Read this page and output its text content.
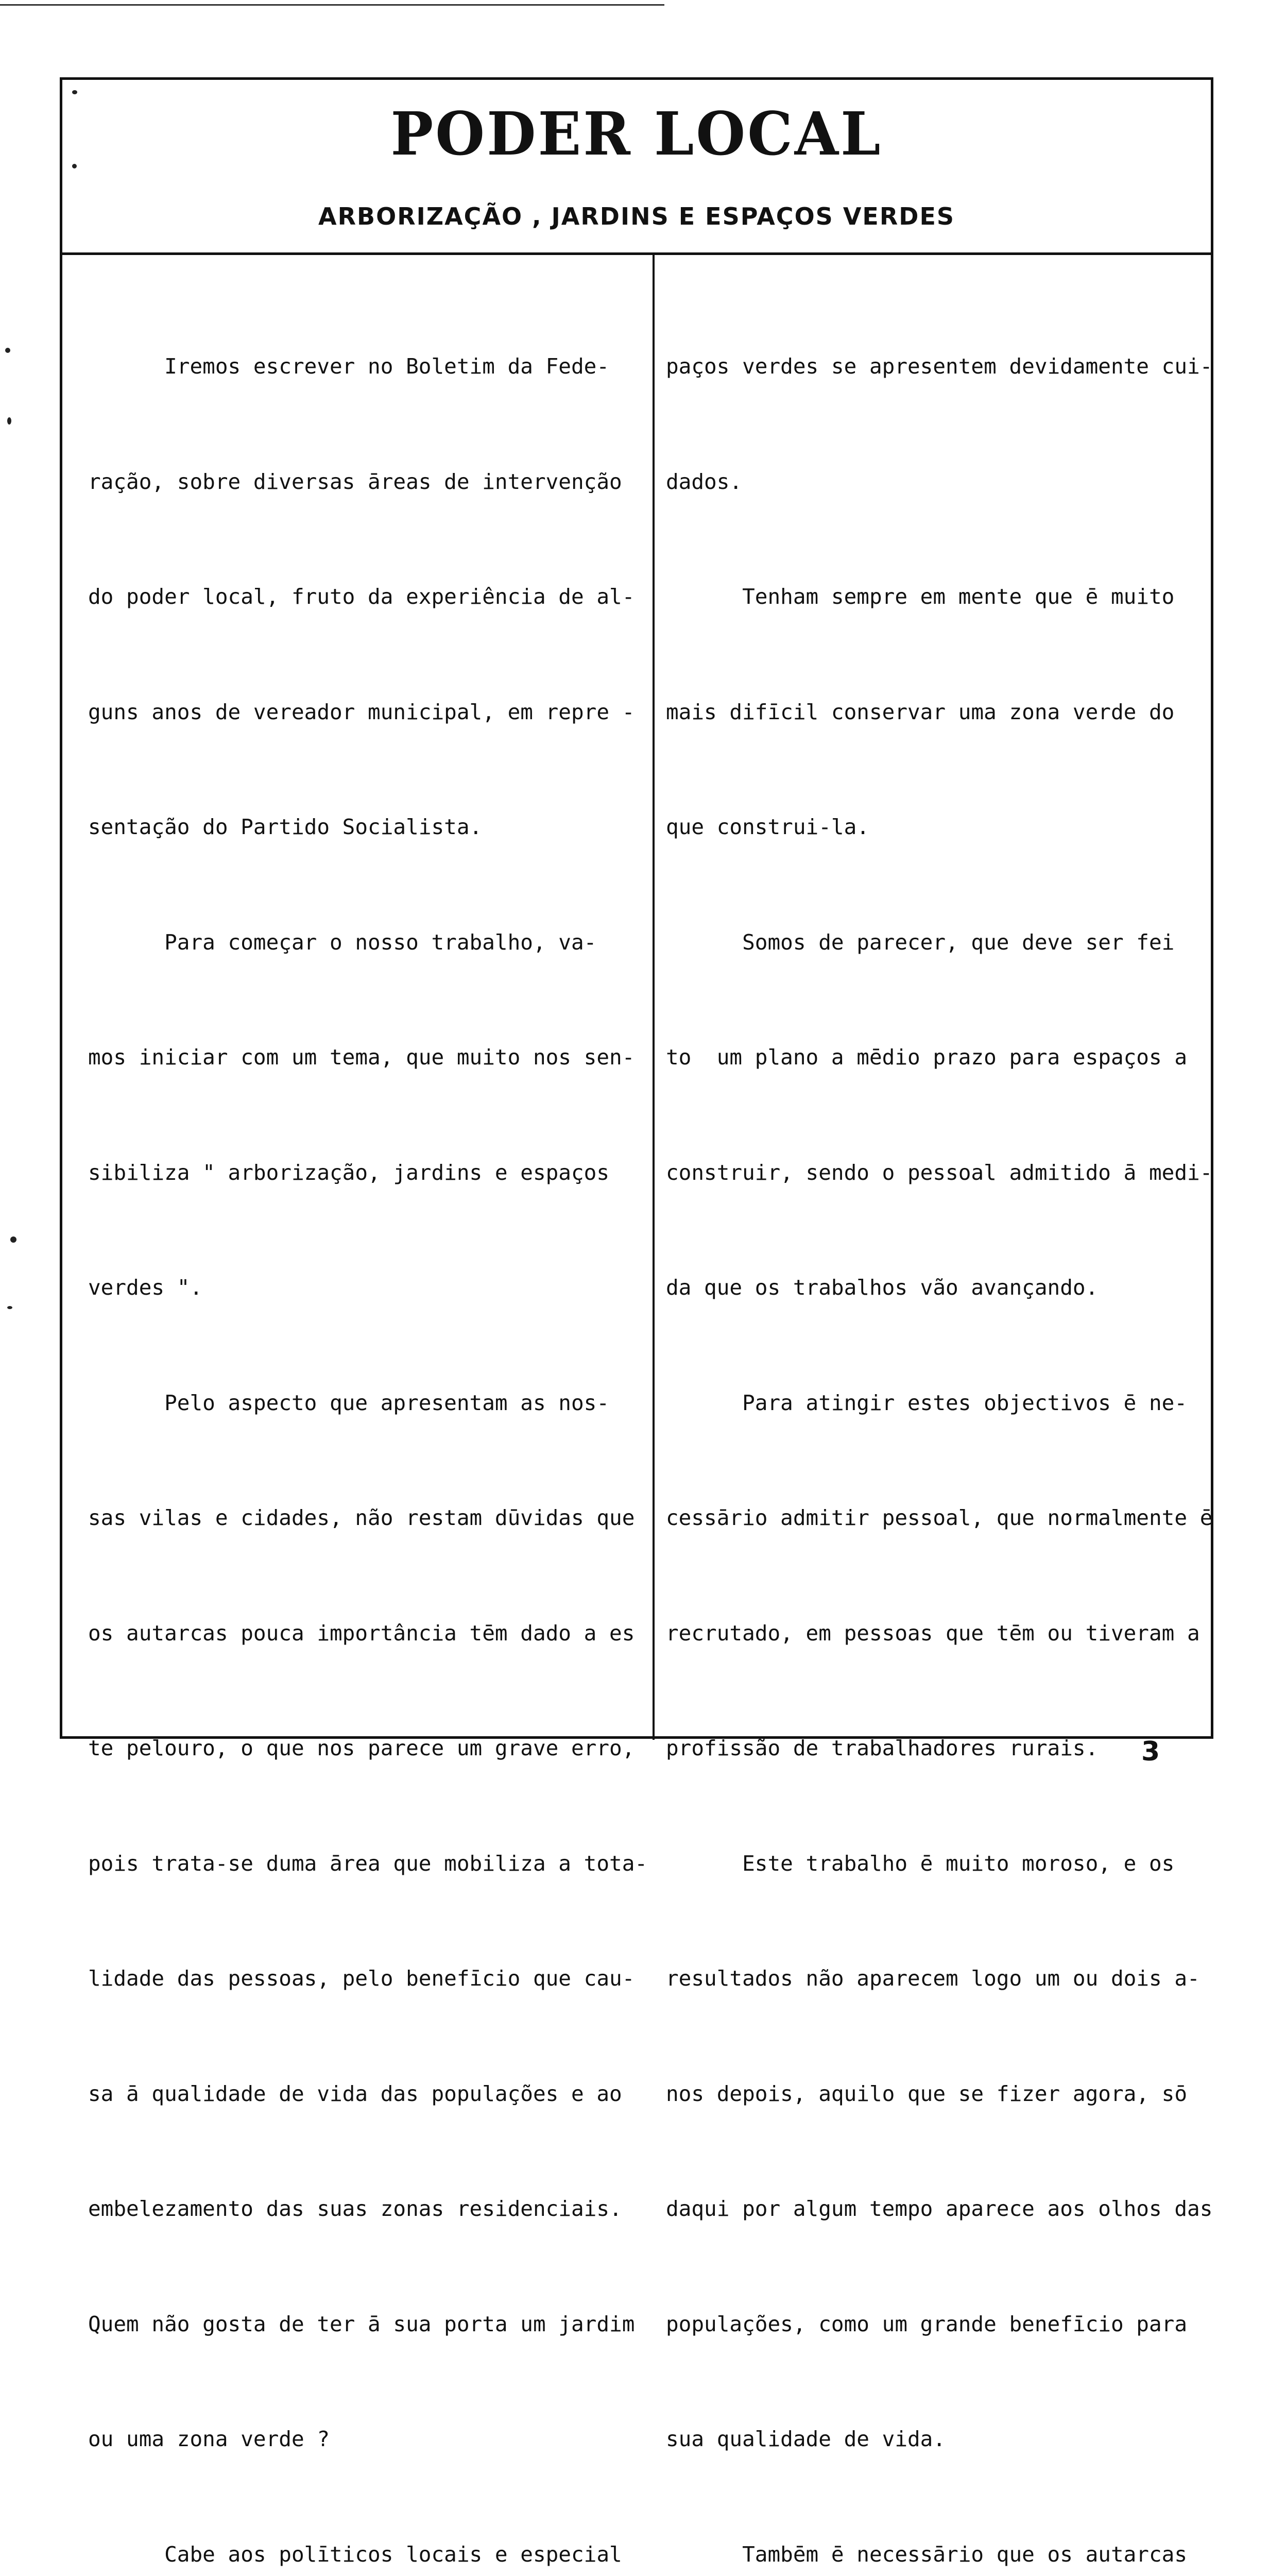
PODER LOCAL
ARBORIZAÇÃO , JARDINS E ESPAÇOS VERDES

Iremos escrever no Boletim da Fede-

ração, sobre diversas āreas de intervenção

do poder local, fruto da experiência de al-

guns anos de vereador municipal, em repre -

sentação do Partido Socialista.

Para começar o nosso trabalho, va-

mos iniciar com um tema, que muito nos sen-

sibiliza " arborização, jardins e espaços

verdes ".

Pelo aspecto que apresentam as nos-

sas vilas e cidades, não restam dūvidas que

os autarcas pouca importância tēm dado a es

te pelouro, o que nos parece um grave erro,

pois trata-se duma ārea que mobiliza a tota-

lidade das pessoas, pelo benefīcio que cau-

sa ā qualidade de vida das populações e ao

embelezamento das suas zonas residenciais.

Quem não gosta de ter ā sua porta um jardim

ou uma zona verde ?

Cabe aos polīticos locais e especial

paços verdes se apresentem devidamente cui-

dados.

Tenham sempre em mente que ē muito

mais difīcil conservar uma zona verde do

que construi-la.

Somos de parecer, que deve ser fei

to  um plano a mēdio prazo para espaços a

construir, sendo o pessoal admitido ā medi-

da que os trabalhos vão avançando.

Para atingir estes objectivos ē ne-

cessārio admitir pessoal, que normalmente ē

recrutado, em pessoas que tēm ou tiveram a

profissão de trabalhadores rurais.

Este trabalho ē muito moroso, e os

resultados não aparecem logo um ou dois a-

nos depois, aquilo que se fizer agora, sō

daqui por algum tempo aparece aos olhos das

populações, como um grande benefīcio para

sua qualidade de vida.

Tambēm ē necessārio que os autarcas

3
